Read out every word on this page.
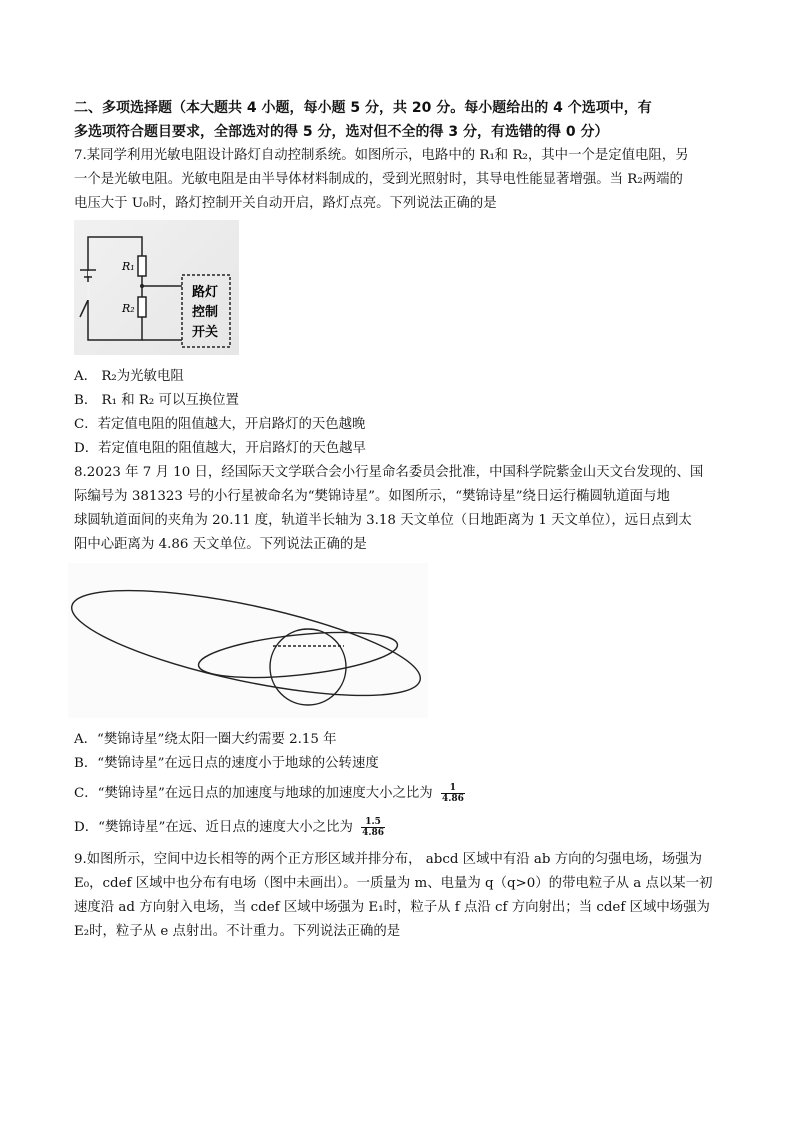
二、多项选择题（本大题共 4 小题，每小题 5 分，共 20 分。每小题给出的 4 个选项中，有

多选项符合题目要求，全部选对的得 5 分，选对但不全的得 3 分，有选错的得 0 分）

7.某同学利用光敏电阻设计路灯自动控制系统。如图所示，电路中的 R₁和 R₂，其中一个是定值电阻，另

一个是光敏电阻。光敏电阻是由半导体材料制成的，受到光照射时，其导电性能显著增强。当 R₂两端的

电压大于 U₀时，路灯控制开关自动开启，路灯点亮。下列说法正确的是

R₁
R₂
路灯
控制
开关

A． R₂为光敏电阻

B． R₁ 和 R₂ 可以互换位置

C．若定值电阻的阻值越大，开启路灯的天色越晚

D．若定值电阻的阻值越大，开启路灯的天色越早

8.2023 年 7 月 10 日，经国际天文学联合会小行星命名委员会批准，中国科学院紫金山天文台发现的、国

际编号为 381323 号的小行星被命名为“樊锦诗星”。如图所示，“樊锦诗星”绕日运行椭圆轨道面与地

球圆轨道面间的夹角为 20.11 度，轨道半长轴为 3.18 天文单位（日地距离为 1 天文单位），远日点到太

阳中心距离为 4.86 天文单位。下列说法正确的是

A．“樊锦诗星”绕太阳一圈大约需要 2.15 年

B．“樊锦诗星”在远日点的速度小于地球的公转速度

C．“樊锦诗星”在远日点的加速度与地球的加速度大小之比为 $\frac{1}{4.86}$

D．“樊锦诗星”在远、近日点的速度大小之比为 $\frac{1.5}{4.86}$

9.如图所示，空间中边长相等的两个正方形区域并排分布， abcd 区域中有沿 ab 方向的匀强电场，场强为

E₀，cdef 区域中也分布有电场（图中未画出）。一质量为 m、电量为 q（q>0）的带电粒子从 a 点以某一初

速度沿 ad 方向射入电场，当 cdef 区域中场强为 E₁时，粒子从 f 点沿 cf 方向射出；当 cdef 区域中场强为

E₂时，粒子从 e 点射出。不计重力。下列说法正确的是
